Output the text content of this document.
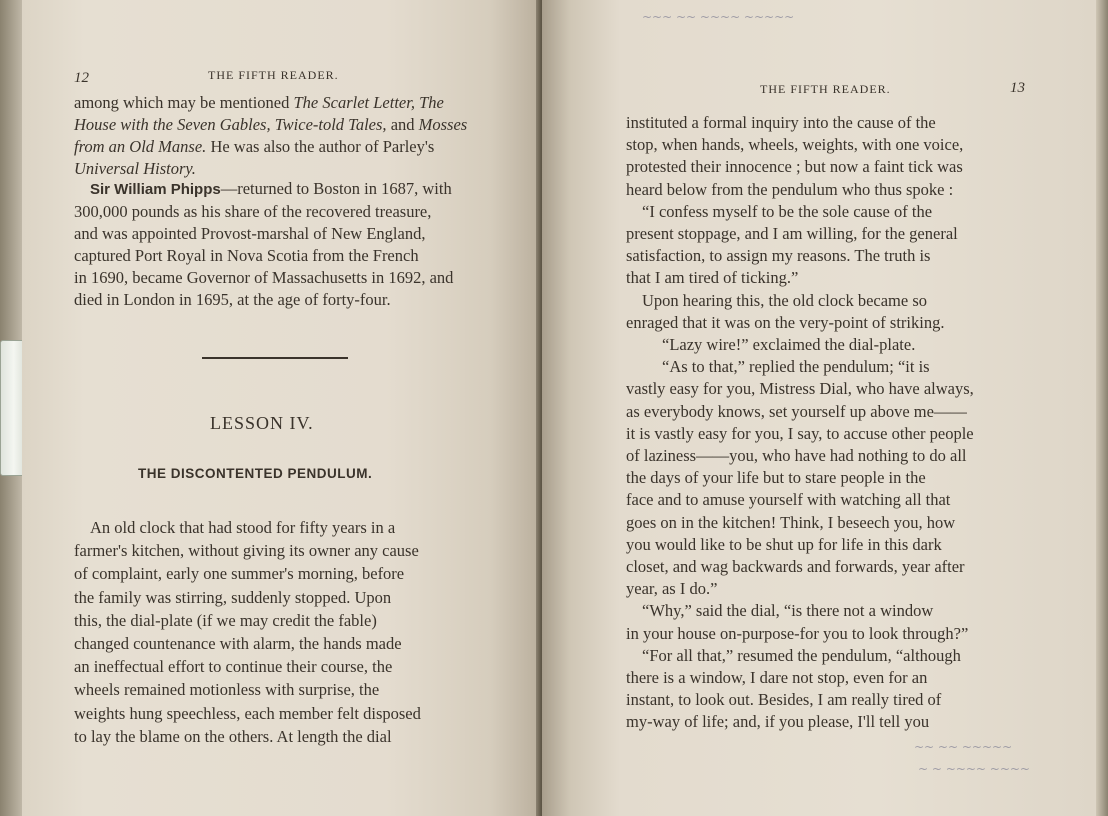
12	THE FIFTH READER.

among which may be mentioned The Scarlet Letter, The

House with the Seven Gables, Twice-told Tales, and Mosses

from an Old Manse. He was also the author of Parley's

Universal History.

Sir William Phipps—returned to Boston in 1687, with

300,000 pounds as his share of the recovered treasure,

and was appointed Provost-marshal of New England,

captured Port Royal in Nova Scotia from the French

in 1690, became Governor of Massachusetts in 1692, and

died in London in 1695, at the age of forty-four.

LESSON IV.
THE DISCONTENTED PENDULUM.

An old clock that had stood for fifty years in a

farmer's kitchen, without giving its owner any cause

of complaint, early one summer's morning, before

the family was stirring, suddenly stopped. Upon

this, the dial-plate (if we may credit the fable)

changed countenance with alarm, the hands made

an ineffectual effort to continue their course, the

wheels remained motionless with surprise, the

weights hung speechless, each member felt disposed

to lay the blame on the others. At length the dial

THE FIFTH READER.	13

instituted a formal inquiry into the cause of the

stop, when hands, wheels, weights, with one voice,

protested their innocence ; but now a faint tick was

heard below from the pendulum who thus spoke :

“I confess myself to be the sole cause of the

present stoppage, and I am willing, for the general

satisfaction, to assign my reasons. The truth is

that I am tired of ticking.”

Upon hearing this, the old clock became so

enraged that it was on the very-point of striking.

“Lazy wire!” exclaimed the dial-plate.

“As to that,” replied the pendulum; “it is

vastly easy for you, Mistress Dial, who have always,

as everybody knows, set yourself up above me——

it is vastly easy for you, I say, to accuse other people

of laziness——you, who have had nothing to do all

the days of your life but to stare people in the

face and to amuse yourself with watching all that

goes on in the kitchen! Think, I beseech you, how

you would like to be shut up for life in this dark

closet, and wag backwards and forwards, year after

year, as I do.”

“Why,” said the dial, “is there not a window

in your house on-purpose-for you to look through?”

“For all that,” resumed the pendulum, “although

there is a window, I dare not stop, even for an

instant, to look out. Besides, I am really tired of

my-way of life; and, if you please, I'll tell you

~~~ ~~ ~~~~ ~~~~~
~~ ~~ ~~~~~
~ ~ ~~~~ ~~~~
